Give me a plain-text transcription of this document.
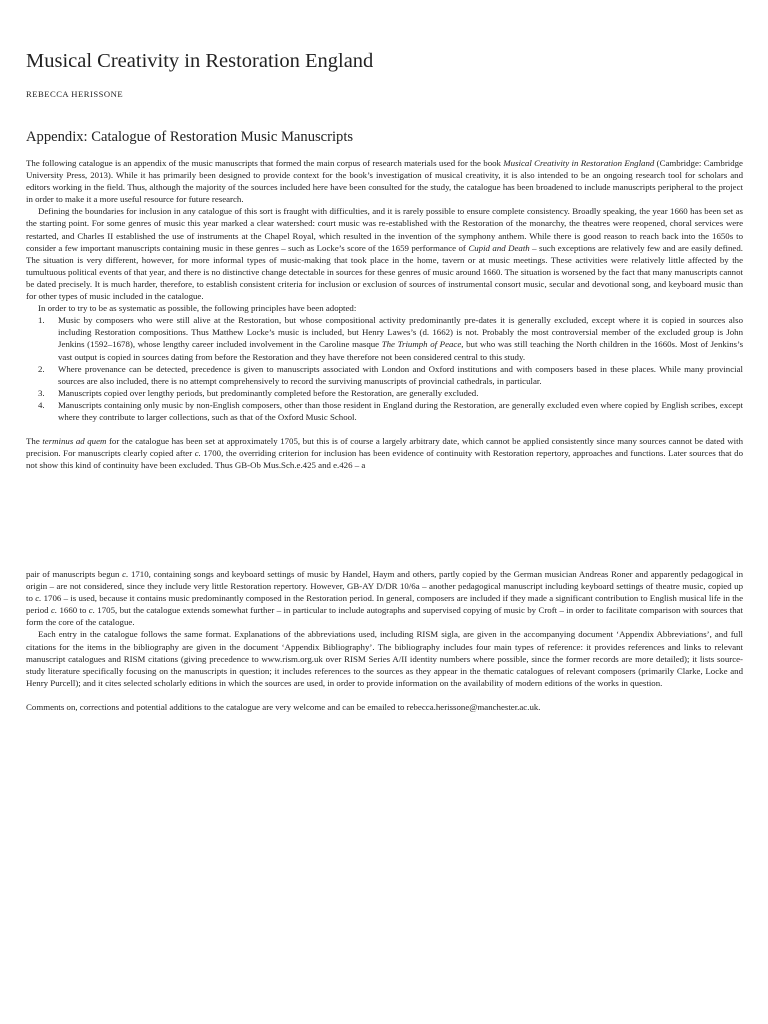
Musical Creativity in Restoration England
REBECCA HERISSONE
Appendix: Catalogue of Restoration Music Manuscripts

The following catalogue is an appendix of the music manuscripts that formed the main corpus of research materials used for the book Musical Creativity in Restoration England (Cambridge: Cambridge University Press, 2013). While it has primarily been designed to provide context for the book’s investigation of musical creativity, it is also intended to be an ongoing research tool for scholars and editors working in the field. Thus, although the majority of the sources included here have been consulted for the study, the catalogue has been broadened to include manuscripts peripheral to the project in order to make it a more useful resource for future research.

Defining the boundaries for inclusion in any catalogue of this sort is fraught with difficulties, and it is rarely possible to ensure complete consistency. Broadly speaking, the year 1660 has been set as the starting point. For some genres of music this year marked a clear watershed: court music was re-established with the Restoration of the monarchy, the theatres were reopened, choral services were restarted, and Charles II established the use of instruments at the Chapel Royal, which resulted in the invention of the symphony anthem. While there is good reason to reach back into the 1650s to consider a few important manuscripts containing music in these genres – such as Locke’s score of the 1659 performance of Cupid and Death – such exceptions are relatively few and are easily defined. The situation is very different, however, for more informal types of music-making that took place in the home, tavern or at music meetings. These activities were relatively little affected by the tumultuous political events of that year, and there is no distinctive change detectable in sources for these genres of music around 1660. The situation is worsened by the fact that many manuscripts cannot be dated precisely. It is much harder, therefore, to establish consistent criteria for inclusion or exclusion of sources of instrumental consort music, secular and devotional song, and keyboard music than for other types of music included in the catalogue.

In order to try to be as systematic as possible, the following principles have been adopted:

1. Music by composers who were still alive at the Restoration, but whose compositional activity predominantly pre-dates it is generally excluded, except where it is copied in sources also including Restoration compositions. Thus Matthew Locke’s music is included, but Henry Lawes’s (d. 1662) is not. Probably the most controversial member of the excluded group is John Jenkins (1592–1678), whose lengthy career included involvement in the Caroline masque The Triumph of Peace, but who was still teaching the North children in the 1660s. Most of Jenkins’s vast output is copied in sources dating from before the Restoration and they have therefore not been considered central to this study.
2. Where provenance can be detected, precedence is given to manuscripts associated with London and Oxford institutions and with composers based in these places. While many provincial sources are also included, there is no attempt comprehensively to record the surviving manuscripts of provincial cathedrals, in particular.
3. Manuscripts copied over lengthy periods, but predominantly completed before the Restoration, are generally excluded.
4. Manuscripts containing only music by non-English composers, other than those resident in England during the Restoration, are generally excluded even where copied by English scribes, except where they contribute to larger collections, such as that of the Oxford Music School.

The terminus ad quem for the catalogue has been set at approximately 1705, but this is of course a largely arbitrary date, which cannot be applied consistently since many sources cannot be dated with precision. For manuscripts clearly copied after c. 1700, the overriding criterion for inclusion has been evidence of continuity with Restoration repertory, approaches and functions. Later sources that do not show this kind of continuity have been excluded. Thus GB-Ob Mus.Sch.e.425 and e.426 – a

pair of manuscripts begun c. 1710, containing songs and keyboard settings of music by Handel, Haym and others, partly copied by the German musician Andreas Roner and apparently pedagogical in origin – are not considered, since they include very little Restoration repertory. However, GB-AY D/DR 10/6a – another pedagogical manuscript including keyboard settings of theatre music, copied up to c. 1706 – is used, because it contains music predominantly composed in the Restoration period. In general, composers are included if they made a significant contribution to English musical life in the period c. 1660 to c. 1705, but the catalogue extends somewhat further – in particular to include autographs and supervised copying of music by Croft – in order to facilitate comparison with sources that form the core of the catalogue.

Each entry in the catalogue follows the same format. Explanations of the abbreviations used, including RISM sigla, are given in the accompanying document ‘Appendix Abbreviations’, and full citations for the items in the bibliography are given in the document ‘Appendix Bibliography’. The bibliography includes four main types of reference: it provides references and links to relevant manuscript catalogues and RISM citations (giving precedence to www.rism.org.uk over RISM Series A/II identity numbers where possible, since the former records are more detailed); it lists source-study literature specifically focusing on the manuscripts in question; it includes references to the sources as they appear in the thematic catalogues of relevant composers (primarily Clarke, Locke and Henry Purcell); and it cites selected scholarly editions in which the sources are used, in order to provide information on the availability of modern editions of the works in question.

Comments on, corrections and potential additions to the catalogue are very welcome and can be emailed to rebecca.herissone@manchester.ac.uk.
